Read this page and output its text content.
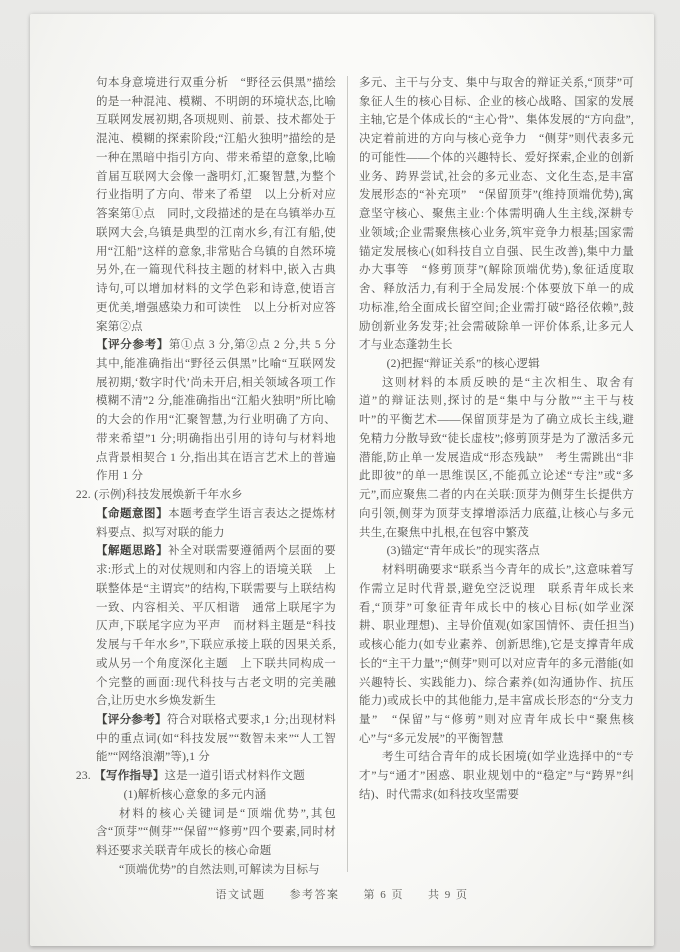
句本身意境进行双重分析　“野径云俱黑”描绘的是一种混沌、模糊、不明朗的环境状态,比喻互联网发展初期,各项规则、前景、技术都处于混沌、模糊的探索阶段;“江船火独明”描绘的是一种在黑暗中指引方向、带来希望的意象,比喻首届互联网大会像一盏明灯,汇聚智慧,为整个行业指明了方向、带来了希望　以上分析对应答案第①点　同时,文段描述的是在乌镇举办互联网大会,乌镇是典型的江南水乡,有江有船,使用“江船”这样的意象,非常贴合乌镇的自然环境　另外,在一篇现代科技主题的材料中,嵌入古典诗句,可以增加材料的文学色彩和诗意,使语言更优美,增强感染力和可读性　以上分析对应答案第②点

【评分参考】第①点 3 分,第②点 2 分,共 5 分　其中,能准确指出“野径云俱黑”比喻“互联网发展初期,‘数字时代’尚未开启,相关领域各项工作模糊不清”2 分,能准确指出“江船火独明”所比喻的大会的作用“汇聚智慧,为行业明确了方向、带来希望”1 分;明确指出引用的诗句与材料地点背景相契合 1 分,指出其在语言艺术上的普遍作用 1 分

22. (示例)科技发展焕新千年水乡

【命题意图】本题考查学生语言表达之提炼材料要点、拟写对联的能力

【解题思路】补全对联需要遵循两个层面的要求:形式上的对仗规则和内容上的语境关联　上联整体是“主谓宾”的结构,下联需要与上联结构一致、内容相关、平仄相谐　通常上联尾字为仄声,下联尾字应为平声　而材料主题是“科技发展与千年水乡”,下联应承接上联的因果关系,或从另一个角度深化主题　上下联共同构成一个完整的画面:现代科技与古老文明的完美融合,让历史水乡焕发新生

【评分参考】符合对联格式要求,1 分;出现材料中的重点词(如“科技发展”“数智未来”“人工智能”“网络浪潮”等),1 分

23. 【写作指导】这是一道引语式材料作文题

(1)解析核心意象的多元内涵

材料的核心关键词是“顶端优势”,其包含“顶芽”“侧芽”“保留”“修剪”四个要素,同时材料还要求关联青年成长的核心命题

“顶端优势”的自然法则,可解读为目标与

多元、主干与分支、集中与取舍的辩证关系,“顶芽”可象征人生的核心目标、企业的核心战略、国家的发展主轴,它是个体成长的“主心骨”、集体发展的“方向盘”,决定着前进的方向与核心竞争力　“侧芽”则代表多元的可能性——个体的兴趣特长、爱好探索,企业的创新业务、跨界尝试,社会的多元业态、文化生态,是丰富发展形态的“补充项”　“保留顶芽”(维持顶端优势),寓意坚守核心、聚焦主业:个体需明确人生主线,深耕专业领域;企业需聚焦核心业务,筑牢竞争力根基;国家需锚定发展核心(如科技自立自强、民生改善),集中力量办大事等　“修剪顶芽”(解除顶端优势),象征适度取舍、释放活力,有利于全局发展:个体要放下单一的成功标准,给全面成长留空间;企业需打破“路径依赖”,鼓励创新业务发芽;社会需破除单一评价体系,让多元人才与业态蓬勃生长

(2)把握“辩证关系”的核心逻辑

这则材料的本质反映的是“主次相生、取舍有道”的辩证法则,探讨的是“集中与分散”“主干与枝叶”的平衡艺术——保留顶芽是为了确立成长主线,避免精力分散导致“徒长虚枝”;修剪顶芽是为了激活多元潜能,防止单一发展造成“形态残缺”　考生需跳出“非此即彼”的单一思维误区,不能孤立论述“专注”或“多元”,而应聚焦二者的内在关联:顶芽为侧芽生长提供方向引领,侧芽为顶芽支撑增添活力底蕴,让核心与多元共生,在聚焦中扎根,在包容中繁茂

(3)锚定“青年成长”的现实落点

材料明确要求“联系当今青年的成长”,这意味着写作需立足时代背景,避免空泛说理　联系青年成长来看,“顶芽”可象征青年成长中的核心目标(如学业深耕、职业理想)、主导价值观(如家国情怀、责任担当)或核心能力(如专业素养、创新思维),它是支撑青年成长的“主干力量”;“侧芽”则可以对应青年的多元潜能(如兴趣特长、实践能力)、综合素养(如沟通协作、抗压能力)或成长中的其他能力,是丰富成长形态的“分支力量”　“保留”与“修剪”则对应青年成长中“聚焦核心”与“多元发展”的平衡智慧

考生可结合青年的成长困境(如学业选择中的“专才”与“通才”困惑、职业规划中的“稳定”与“跨界”纠结)、时代需求(如科技攻坚需要

语文试题 参考答案 第 6 页 共 9 页
